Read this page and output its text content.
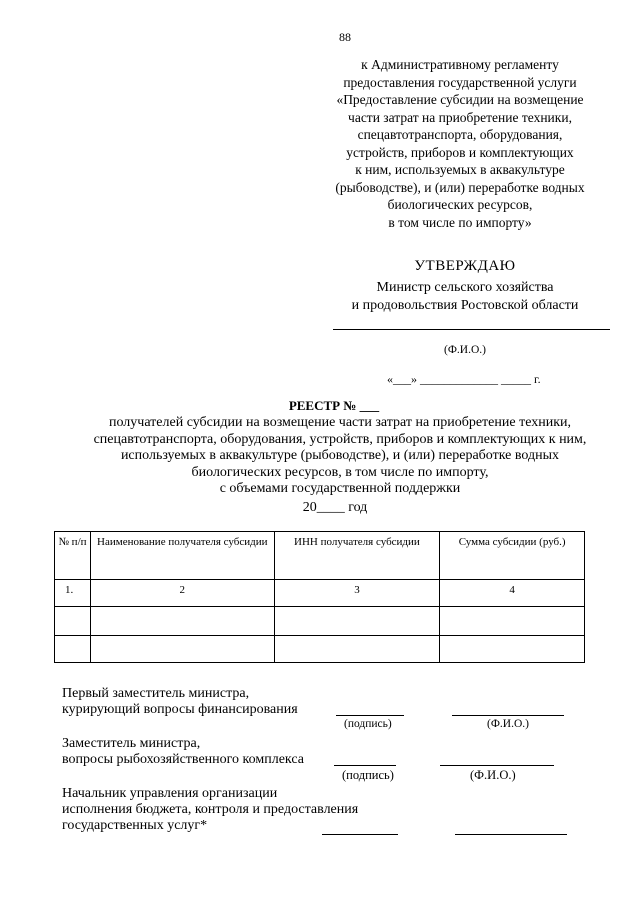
88
к Административному регламенту
предоставления государственной услуги
«Предоставление субсидии на возмещение
части затрат на приобретение техники,
спецавтотранспорта, оборудования,
устройств, приборов и комплектующих
к ним, используемых в аквакультуре
(рыбоводстве), и (или) переработке водных
биологических ресурсов,
в том числе по импорту»
УТВЕРЖДАЮ
Министр сельского хозяйства
и продовольствия Ростовской области
(Ф.И.О.)
«___» _____________ _____ г.
РЕЕСТР № ___
получателей субсидии на возмещение части затрат на приобретение техники,
спецавтотранспорта, оборудования, устройств, приборов и комплектующих к ним,
используемых в аквакультуре (рыбоводстве), и (или) переработке водных
биологических ресурсов, в том числе по импорту,
с объемами государственной поддержки
20____ год
№ п/п	Наименование получателя субсидии	ИНН получателя субсидии	Сумма субсидии (руб.)
1.	2	3	4

Первый заместитель министра,
курирующий вопросы финансирования
(подпись)	(Ф.И.О.)
Заместитель министра,
вопросы рыбохозяйственного комплекса
(подпись)	(Ф.И.О.)
Начальник управления организации
исполнения бюджета, контроля и предоставления
государственных услуг*
